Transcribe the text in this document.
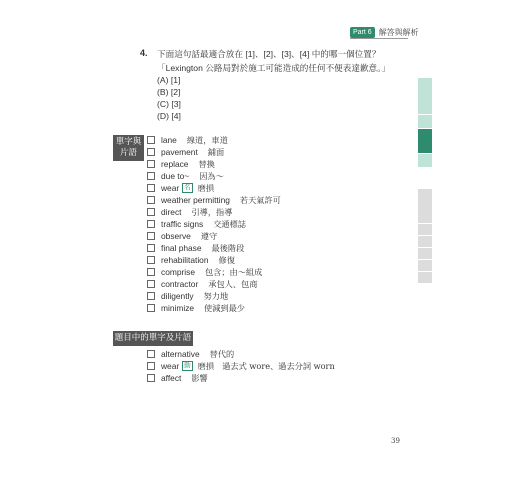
Part 6 解答與解析
4. 下面這句話最適合放在 [1]、[2]、[3]、[4] 中的哪一個位置？
「Lexington 公路局對於施工可能造成的任何不便表達歉意。」
(A) [1]
(B) [2]
(C) [3]
(D) [4]
單字與
片語
lane 線道，車道
pavement 鋪面
replace 替換
due to~ 因為～
wear 名 磨損
weather permitting 若天氣許可
direct 引導，指導
traffic signs 交通標誌
observe 遵守
final phase 最後階段
rehabilitation 修復
comprise 包含；由～組成
contractor 承包人、包商
diligently 努力地
minimize 使減到最少
題目中的單字及片語
alternative 替代的
wear 動 磨損　過去式 wore、過去分詞 worn
affect 影響
39
